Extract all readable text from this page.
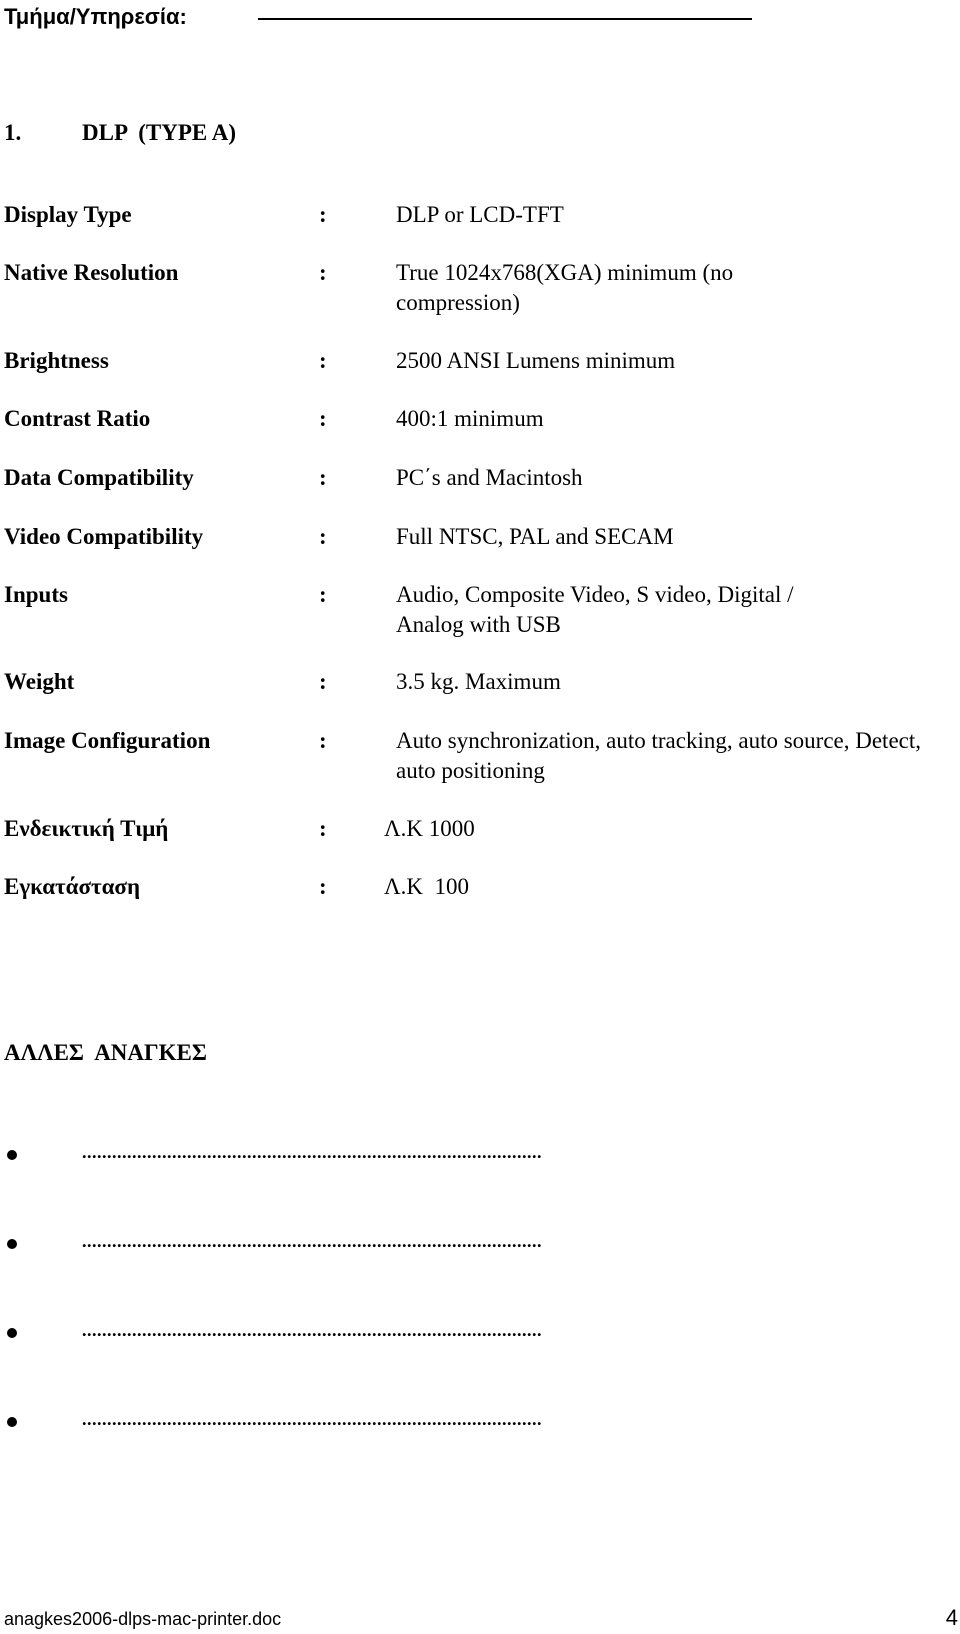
Τμήμα/Υπηρεσία:
1.	DLP  (TYPE A)
Display Type	:	DLP or LCD-TFT
Native Resolution	:	True 1024x768(XGA) minimum (no compression)
Brightness	:	2500 ANSI Lumens minimum
Contrast Ratio	:	400:1 minimum
Data Compatibility	:	PC΄s and Macintosh
Video Compatibility	:	Full NTSC, PAL and SECAM
Inputs	:	Audio, Composite Video, S video, Digital / Analog with USB
Weight	:	3.5 kg. Maximum
Image Configuration	:	Auto synchronization, auto tracking, auto source, Detect, auto positioning
Ενδεικτική Τιμή	: Λ.Κ 1000
Εγκατάσταση	: Λ.Κ  100
ΑΛΛΕΣ  ΑΝΑΓΚΕΣ
............................................................................................
............................................................................................
............................................................................................
............................................................................................
anagkes2006-dlps-mac-printer.doc	4
